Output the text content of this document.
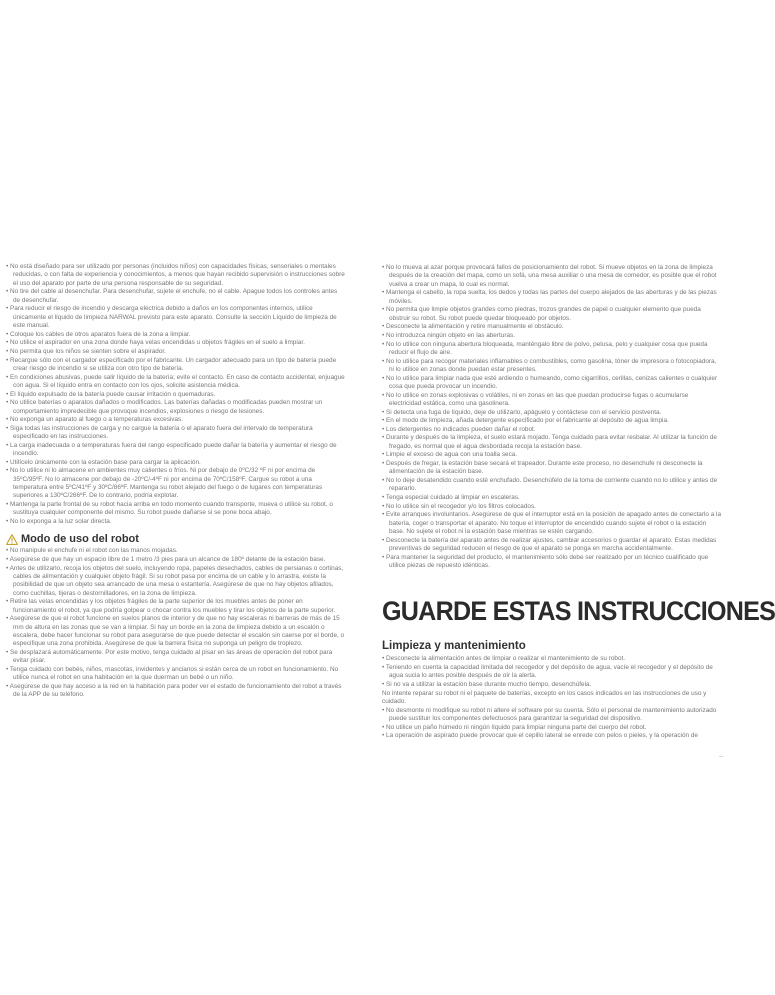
• No está diseñado para ser utilizado por personas (incluidos niños) con capacidades físicas, sensoriales o mentales reducidas, o con falta de experiencia y conocimientos, a menos que hayan recibido supervisión o instrucciones sobre el uso del aparato por parte de una persona responsable de su seguridad.
• No tire del cable al desenchufar. Para desenchufar, sujete el enchufe, no el cable. Apague todos los controles antes de desenchufar.
• Para reducir el riesgo de incendio y descarga eléctrica debido a daños en los componentes internos, utilice únicamente el líquido de limpieza NARWAL previsto para este aparato. Consulte la sección Líquido de limpieza de este manual.
• Coloque los cables de otros aparatos fuera de la zona a limpiar.
• No utilice el aspirador en una zona donde haya velas encendidas u objetos frágiles en el suelo a limpiar.
• No permita que los niños se sienten sobre el aspirador.
• Recargue sólo con el cargador especificado por el fabricante. Un cargador adecuado para un tipo de batería puede crear riesgo de incendio si se utiliza con otro tipo de batería.
• En condiciones abusivas, puede salir líquido de la batería; evite el contacto. En caso de contacto accidental, enjuague con agua. Si el líquido entra en contacto con los ojos, solicite asistencia médica.
• El líquido expulsado de la batería puede causar irritación o quemaduras.
• No utilice baterías o aparatos dañados o modificados. Las baterías dañadas o modificadas pueden mostrar un comportamiento impredecible que provoque incendios, explosiones o riesgo de lesiones.
• No exponga un aparato al fuego o a temperaturas excesivas.
• Siga todas las instrucciones de carga y no cargue la batería o el aparato fuera del intervalo de temperatura especificado en las instrucciones.
• La carga inadecuada o a temperaturas fuera del rango especificado puede dañar la batería y aumentar el riesgo de incendio.
• Utilícelo únicamente con la estación base para cargar la aplicación.
• No lo utilice ni lo almacene en ambientes muy calientes o fríos. Ni por debajo de 0ºC/32 ºF ni por encima de 35ºC/95ºF. No lo almacene por debajo de -20ºC/-4ºF ni por encima de 70ºC/158ºF. Cargue su robot a una temperatura entre 5ºC/41ºF y 30ºC/86ºF. Mantenga su robot alejado del fuego o de lugares con temperaturas superiores a 130ºC/266ºF. De lo contrario, podría explotar.
• Mantenga la parte frontal de su robot hacia arriba en todo momento cuando transporte, mueva o utilice su robot, o sustituya cualquier componente del mismo. Su robot puede dañarse si se pone boca abajo.
• No lo exponga a la luz solar directa.
Modo de uso del robot
• No manipule el enchufe ni el robot con las manos mojadas.
• Asegúrese de que hay un espacio libre de 1 metro /3 pies para un alcance de 180º delante de la estación base.
• Antes de utilizarlo, recoja los objetos del suelo, incluyendo ropa, papeles desechados, cables de persianas o cortinas, cables de alimentación y cualquier objeto frágil. Si su robot pasa por encima de un cable y lo arrastra, existe la posibilidad de que un objeto sea arrancado de una mesa o estantería. Asegúrese de que no hay objetos afilados, como cuchillas, tijeras o destornilladores, en la zona de limpieza.
• Retire las velas encendidas y los objetos frágiles de la parte superior de los muebles antes de poner en funcionamiento el robot, ya que podría golpear o chocar contra los muebles y tirar los objetos de la parte superior.
• Asegúrese de que el robot funcione en suelos planos de interior y de que no hay escaleras ni barreras de más de 15 mm de altura en las zonas que se van a limpiar. Si hay un borde en la zona de limpieza debido a un escalón o escalera, debe hacer funcionar su robot para asegurarse de que puede detectar el escalón sin caerse por el borde, o especifique una zona prohibida. Asegúrese de que la barrera física no suponga un peligro de tropiezo.
• Se desplazará automáticamente. Por este motivo, tenga cuidado al pisar en las áreas de operación del robot para evitar pisar.
• Tenga cuidado con bebés, niños, mascotas, invidentes y ancianos si están cerca de un robot en funcionamiento. No utilice nunca el robot en una habitación en la que duerman un bebé o un niño.
• Asegúrese de que hay acceso a la red en la habitación para poder ver el estado de funcionamiento del robot a través de la APP de su teléfono.
• No lo mueva al azar porque provocará fallos de posicionamiento del robot. Si mueve objetos en la zona de limpieza después de la creación del mapa, como un sofá, una mesa auxiliar o una mesa de comedor, es posible que el robot vuelva a crear un mapa, lo cual es normal.
• Mantenga el cabello, la ropa suelta, los dedos y todas las partes del cuerpo alejados de las aberturas y de las piezas móviles.
• No permita que limpie objetos grandes como piedras, trozos grandes de papel o cualquier elemento que pueda obstruir su robot. Su robot puede quedar bloqueado por objetos.
• Desconecte la alimentación y retire manualmente el obstáculo.
• No introduzca ningún objeto en las aberturas.
• No lo utilice con ninguna abertura bloqueada, manténgalo libre de polvo, pelusa, pelo y cualquier cosa que pueda reducir el flujo de aire.
• No lo utilice para recoger materiales inflamables o combustibles, como gasolina, tóner de impresora o fotocopiadora, ni lo utilice en zonas donde puedan estar presentes.
• No lo utilice para limpiar nada que esté ardiendo o humeando, como cigarrillos, cerillas, cenizas calientes o cualquier cosa que pueda provocar un incendio.
• No lo utilice en zonas explosivas o volátiles, ni en zonas en las que puedan producirse fugas o acumularse electricidad estática, como una gasolinera.
• Si detecta una fuga de líquido, deje de utilizarlo, apáguelo y contáctese con el servicio postventa.
• En el modo de limpieza, añada detergente especificado por el fabricante al depósito de agua limpia.
• Los detergentes no indicados pueden dañar el robot.
• Durante y después de la limpieza, el suelo estará mojado. Tenga cuidado para evitar resbalar. Al utilizar la función de fregado, es normal que el agua desbordada recoja la estación base.
• Limpie el exceso de agua con una toalla seca.
• Después de fregar, la estación base secará el trapeador. Durante este proceso, no desenchufe ni desconecte la alimentación de la estación base.
• No lo deje desatendido cuando esté enchufado. Desenchúfelo de la toma de corriente cuando no lo utilice y antes de repararlo.
• Tenga especial cuidado al limpiar en escaleras.
• No lo utilice sin el recogedor y/o los filtros colocados.
• Evite arranques involuntarios. Asegúrese de que el interruptor está en la posición de apagado antes de conectarlo a la batería, coger o transportar el aparato. No toque el interruptor de encendido cuando sujete el robot o la estación base. No sujete el robot ni la estación base mientras se estén cargando.
• Desconecte la batería del aparato antes de realizar ajustes, cambiar accesorios o guardar el aparato. Estas medidas preventivas de seguridad reducen el riesgo de que el aparato se ponga en marcha accidentalmente.
• Para mantener la seguridad del producto, el mantenimiento sólo debe ser realizado por un técnico cualificado que utilice piezas de repuesto idénticas.
GUARDE ESTAS INSTRUCCIONES
Limpieza y mantenimiento
• Desconecte la alimentación antes de limpiar o realizar el mantenimiento de su robot.
• Teniendo en cuenta la capacidad limitada del recogedor y del depósito de agua, vacíe el recogedor y el depósito de agua sucia lo antes posible después de oír la alerta.
• Si no va a utilizar la estación base durante mucho tiempo, desenchúfela.
No intente reparar su robot ni el paquete de baterías, excepto en los casos indicados en las instrucciones de uso y cuidado.
• No desmonte ni modifique su robot ni altere el software por su cuenta. Sólo el personal de mantenimiento autorizado puede sustituir los componentes defectuosos para garantizar la seguridad del dispositivo.
• No utilice un paño húmedo ni ningún líquido para limpiar ninguna parte del cuerpo del robot.
• La operación de aspirado puede provocar que el cepillo lateral se enrede con pelos o pieles, y la operación de
--
